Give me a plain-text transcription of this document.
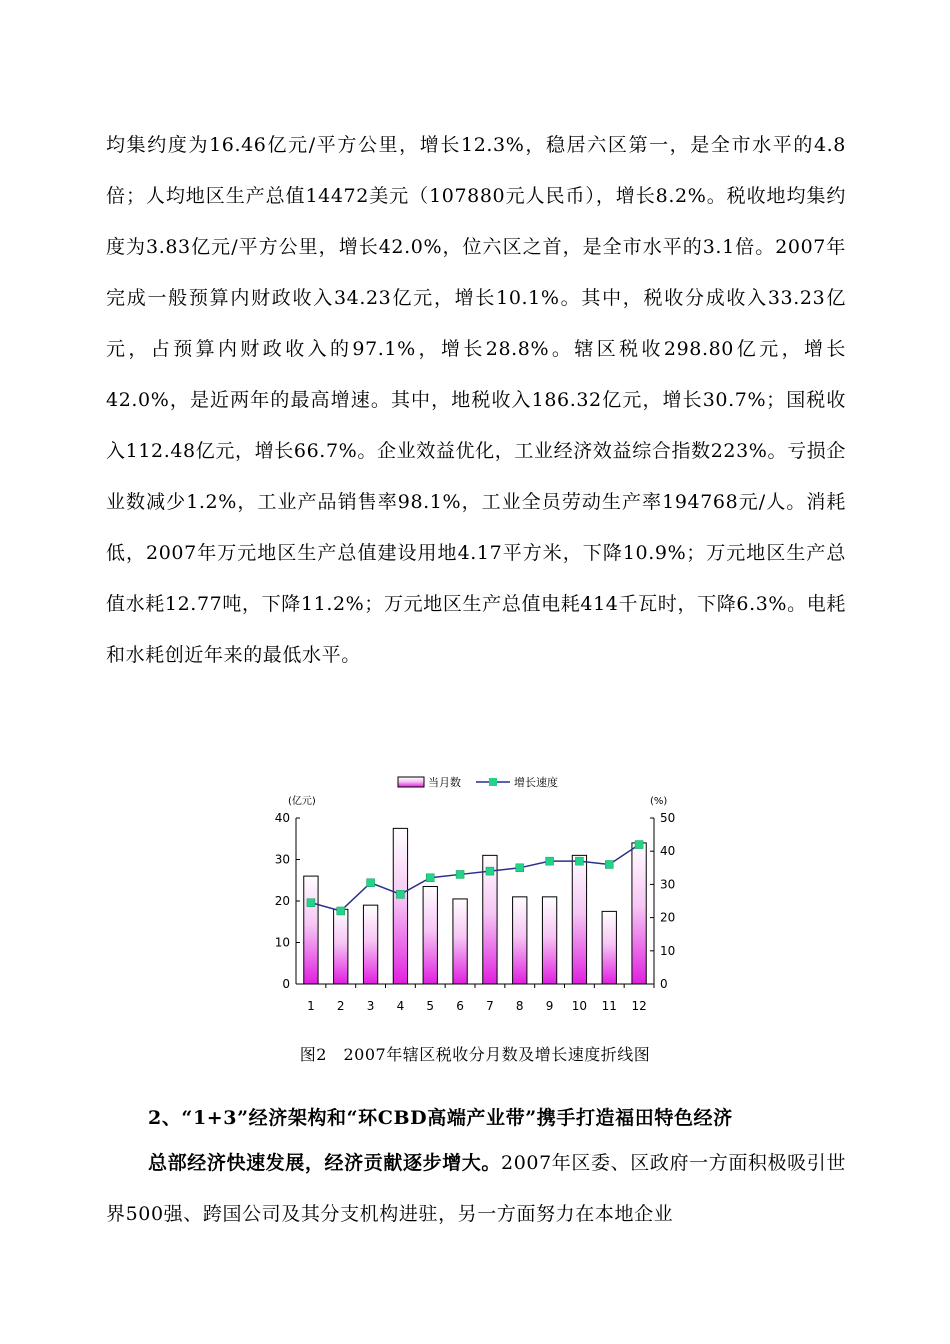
均集约度为16.46亿元/平方公里，增长12.3%，稳居六区第一，是全市水平的4.8倍；人均地区生产总值14472美元（107880元人民币），增长8.2%。税收地均集约度为3.83亿元/平方公里，增长42.0%，位六区之首，是全市水平的3.1倍。2007年完成一般预算内财政收入34.23亿元，增长10.1%。其中，税收分成收入33.23亿元，占预算内财政收入的97.1%，增长28.8%。辖区税收298.80亿元，增长42.0%，是近两年的最高增速。其中，地税收入186.32亿元，增长30.7%；国税收入112.48亿元，增长66.7%。企业效益优化，工业经济效益综合指数223%。亏损企业数减少1.2%，工业产品销售率98.1%，工业全员劳动生产率194768元/人。消耗低，2007年万元地区生产总值建设用地4.17平方米，下降10.9%；万元地区生产总值水耗12.77吨，下降11.2%；万元地区生产总值电耗414千瓦时，下降6.3%。电耗和水耗创近年来的最低水平。

当月数	增长速度
0
10
20
30
40
0
10
20
30
40
50
(亿元)	(%)
1 2 3 4 5 6 7 8 9 10 11 12
图2　2007年辖区税收分月数及增长速度折线图
2、“1+3”经济架构和“环CBD高端产业带”携手打造福田特色经济

总部经济快速发展，经济贡献逐步增大。2007年区委、区政府一方面积极吸引世界500强、跨国公司及其分支机构进驻，另一方面努力在本地企业
